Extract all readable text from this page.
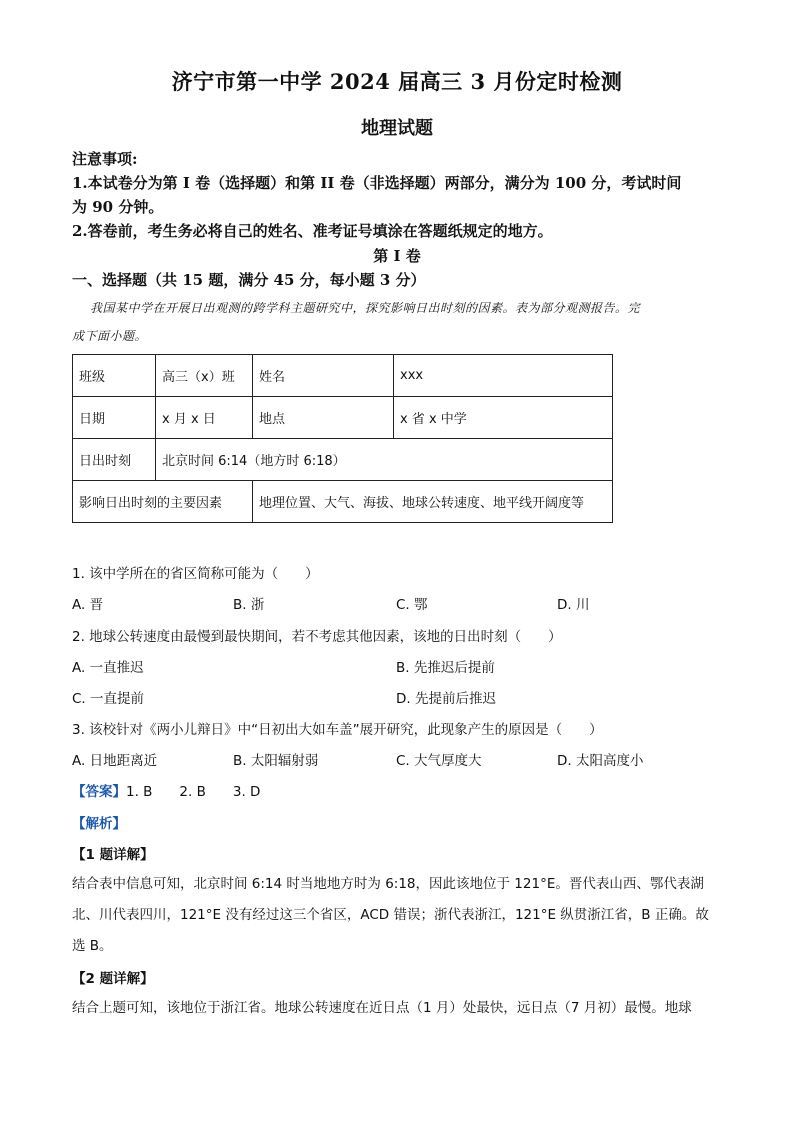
济宁市第一中学 2024 届高三 3 月份定时检测
地理试题
注意事项:
1.本试卷分为第 I 卷（选择题）和第 II 卷（非选择题）两部分，满分为 100 分，考试时间
为 90 分钟。
2.答卷前，考生务必将自己的姓名、准考证号填涂在答题纸规定的地方。
第 I 卷
一、选择题（共 15 题，满分 45 分，每小题 3 分）
我国某中学在开展日出观测的跨学科主题研究中，探究影响日出时刻的因素。表为部分观测报告。完
成下面小题。
班级	高三（x）班	姓名	xxx
日期	x 月 x 日	地点	x 省 x 中学
日出时刻	北京时间 6:14（地方时 6:18）		
影响日出时刻的主要因素		地理位置、大气、海拔、地球公转速度、地平线开阔度等	
1. 该中学所在的省区简称可能为（　　）
A. 晋	B. 浙	C. 鄂	D. 川
2. 地球公转速度由最慢到最快期间，若不考虑其他因素，该地的日出时刻（　　）
A. 一直推迟	B. 先推迟后提前
C. 一直提前	D. 先提前后推迟
3. 该校针对《两小儿辩日》中“日初出大如车盖”展开研究，此现象产生的原因是（　　）
A. 日地距离近	B. 太阳辐射弱	C. 大气厚度大	D. 太阳高度小
【答案】1. B　　2. B　　3. D
【解析】
【1 题详解】
结合表中信息可知，北京时间 6:14 时当地地方时为 6:18，因此该地位于 121°E。晋代表山西、鄂代表湖
北、川代表四川，121°E 没有经过这三个省区，ACD 错误；浙代表浙江，121°E 纵贯浙江省，B 正确。故
选 B。
【2 题详解】
结合上题可知，该地位于浙江省。地球公转速度在近日点（1 月）处最快，远日点（7 月初）最慢。地球
